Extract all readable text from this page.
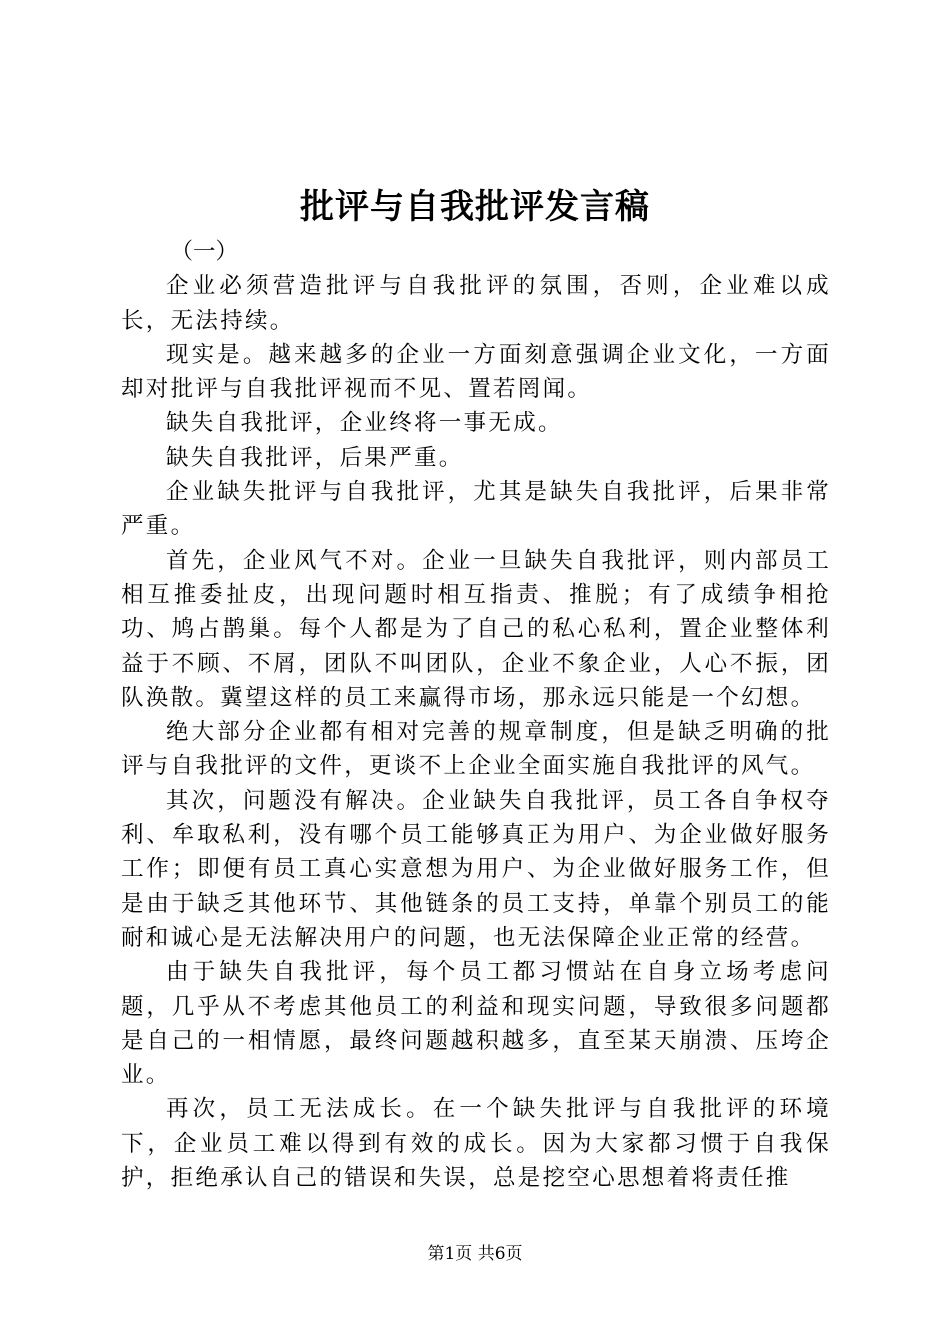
批评与自我批评发言稿

（一）

企业必须营造批评与自我批评的氛围，否则，企业难以成长，无法持续。

现实是。越来越多的企业一方面刻意强调企业文化，一方面却对批评与自我批评视而不见、置若罔闻。

缺失自我批评，企业终将一事无成。

缺失自我批评，后果严重。

企业缺失批评与自我批评，尤其是缺失自我批评，后果非常严重。

首先，企业风气不对。企业一旦缺失自我批评，则内部员工相互推委扯皮，出现问题时相互指责、推脱；有了成绩争相抢功、鸠占鹊巢。每个人都是为了自己的私心私利，置企业整体利益于不顾、不屑，团队不叫团队，企业不象企业，人心不振，团队涣散。冀望这样的员工来赢得市场，那永远只能是一个幻想。

绝大部分企业都有相对完善的规章制度，但是缺乏明确的批评与自我批评的文件，更谈不上企业全面实施自我批评的风气。

其次，问题没有解决。企业缺失自我批评，员工各自争权夺利、牟取私利，没有哪个员工能够真正为用户、为企业做好服务工作；即便有员工真心实意想为用户、为企业做好服务工作，但是由于缺乏其他环节、其他链条的员工支持，单靠个别员工的能耐和诚心是无法解决用户的问题，也无法保障企业正常的经营。

由于缺失自我批评，每个员工都习惯站在自身立场考虑问题，几乎从不考虑其他员工的利益和现实问题，导致很多问题都是自己的一相情愿，最终问题越积越多，直至某天崩溃、压垮企业。

再次，员工无法成长。在一个缺失批评与自我批评的环境下，企业员工难以得到有效的成长。因为大家都习惯于自我保护，拒绝承认自己的错误和失误，总是挖空心思想着将责任推

第1页 共6页
